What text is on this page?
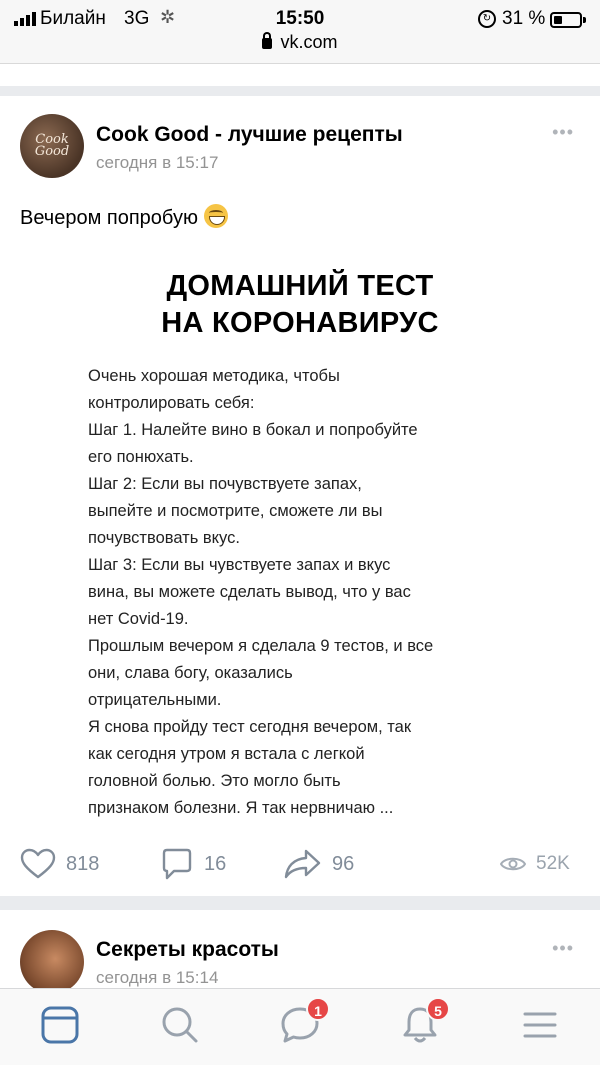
Билайн 3G ✲	15:50	↻ 31 %
vk.com
Cook Good
Cook Good - лучшие рецепты
сегодня в 15:17
•••
Вечером попробую
ДОМАШНИЙ ТЕСТ
НА КОРОНАВИРУС
Очень хорошая методика, чтобы
контролировать себя:
Шаг 1. Налейте вино в бокал и попробуйте
его понюхать.
Шаг 2: Если вы почувствуете запах,
выпейте и посмотрите, сможете ли вы
почувствовать вкус.
Шаг 3: Если вы чувствуете запах и вкус
вина, вы можете сделать вывод, что у вас
нет Covid-19.
Прошлым вечером я сделала 9 тестов, и все
они, слава богу, оказались
отрицательными.
Я снова пройду тест сегодня вечером, так
как сегодня утром я встала с легкой
головной болью. Это могло быть
признаком болезни. Я так нервничаю ...
818	16	96	52K
Секреты красоты
сегодня в 15:14
•••
1	5
